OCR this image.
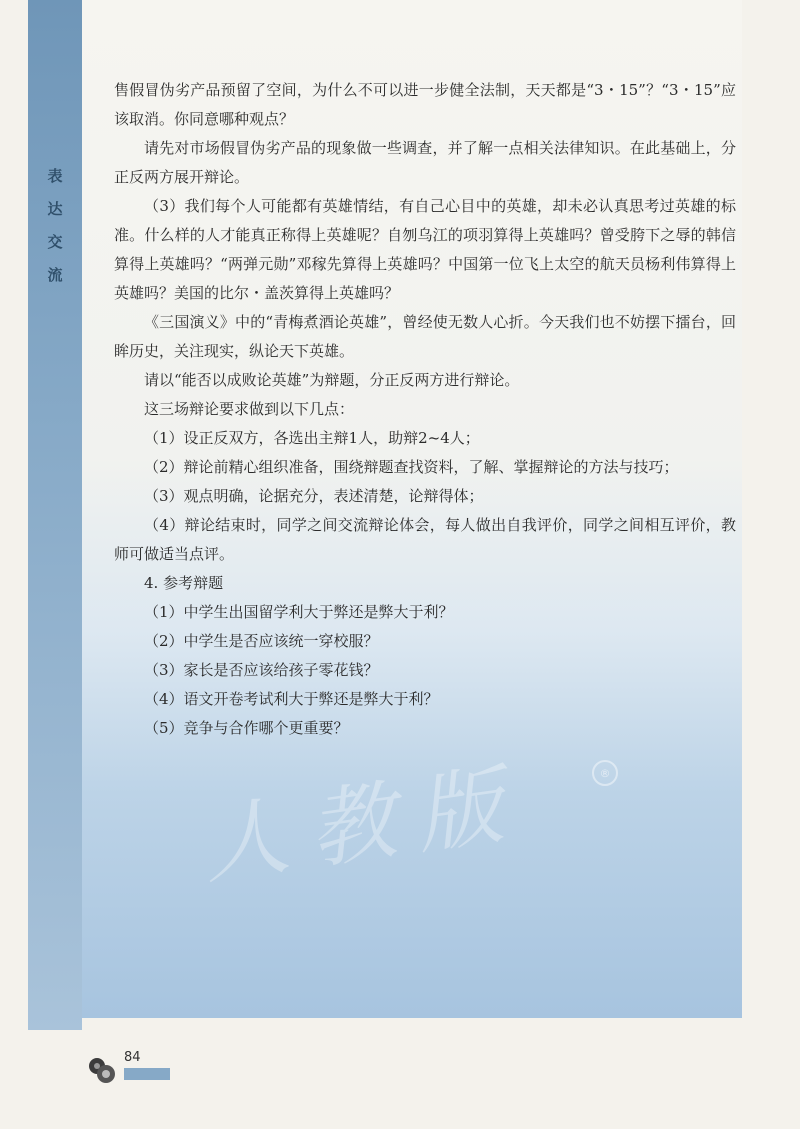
表
达
交
流
人教版	®

售假冒伪劣产品预留了空间，为什么不可以进一步健全法制，天天都是“3・15”？“3・15”应该取消。你同意哪种观点？

请先对市场假冒伪劣产品的现象做一些调查，并了解一点相关法律知识。在此基础上，分正反两方展开辩论。

（3）我们每个人可能都有英雄情结，有自己心目中的英雄，却未必认真思考过英雄的标准。什么样的人才能真正称得上英雄呢？自刎乌江的项羽算得上英雄吗？曾受胯下之辱的韩信算得上英雄吗？“两弹元勋”邓稼先算得上英雄吗？中国第一位飞上太空的航天员杨利伟算得上英雄吗？美国的比尔・盖茨算得上英雄吗？

《三国演义》中的“青梅煮酒论英雄”，曾经使无数人心折。今天我们也不妨摆下擂台，回眸历史，关注现实，纵论天下英雄。

请以“能否以成败论英雄”为辩题，分正反两方进行辩论。

这三场辩论要求做到以下几点：

（1）设正反双方，各选出主辩1人，助辩2~4人；

（2）辩论前精心组织准备，围绕辩题查找资料，了解、掌握辩论的方法与技巧；

（3）观点明确，论据充分，表述清楚，论辩得体；

（4）辩论结束时，同学之间交流辩论体会，每人做出自我评价，同学之间相互评价，教师可做适当点评。

4. 参考辩题

（1）中学生出国留学利大于弊还是弊大于利？

（2）中学生是否应该统一穿校服？

（3）家长是否应该给孩子零花钱？

（4）语文开卷考试利大于弊还是弊大于利？

（5）竞争与合作哪个更重要？

84
